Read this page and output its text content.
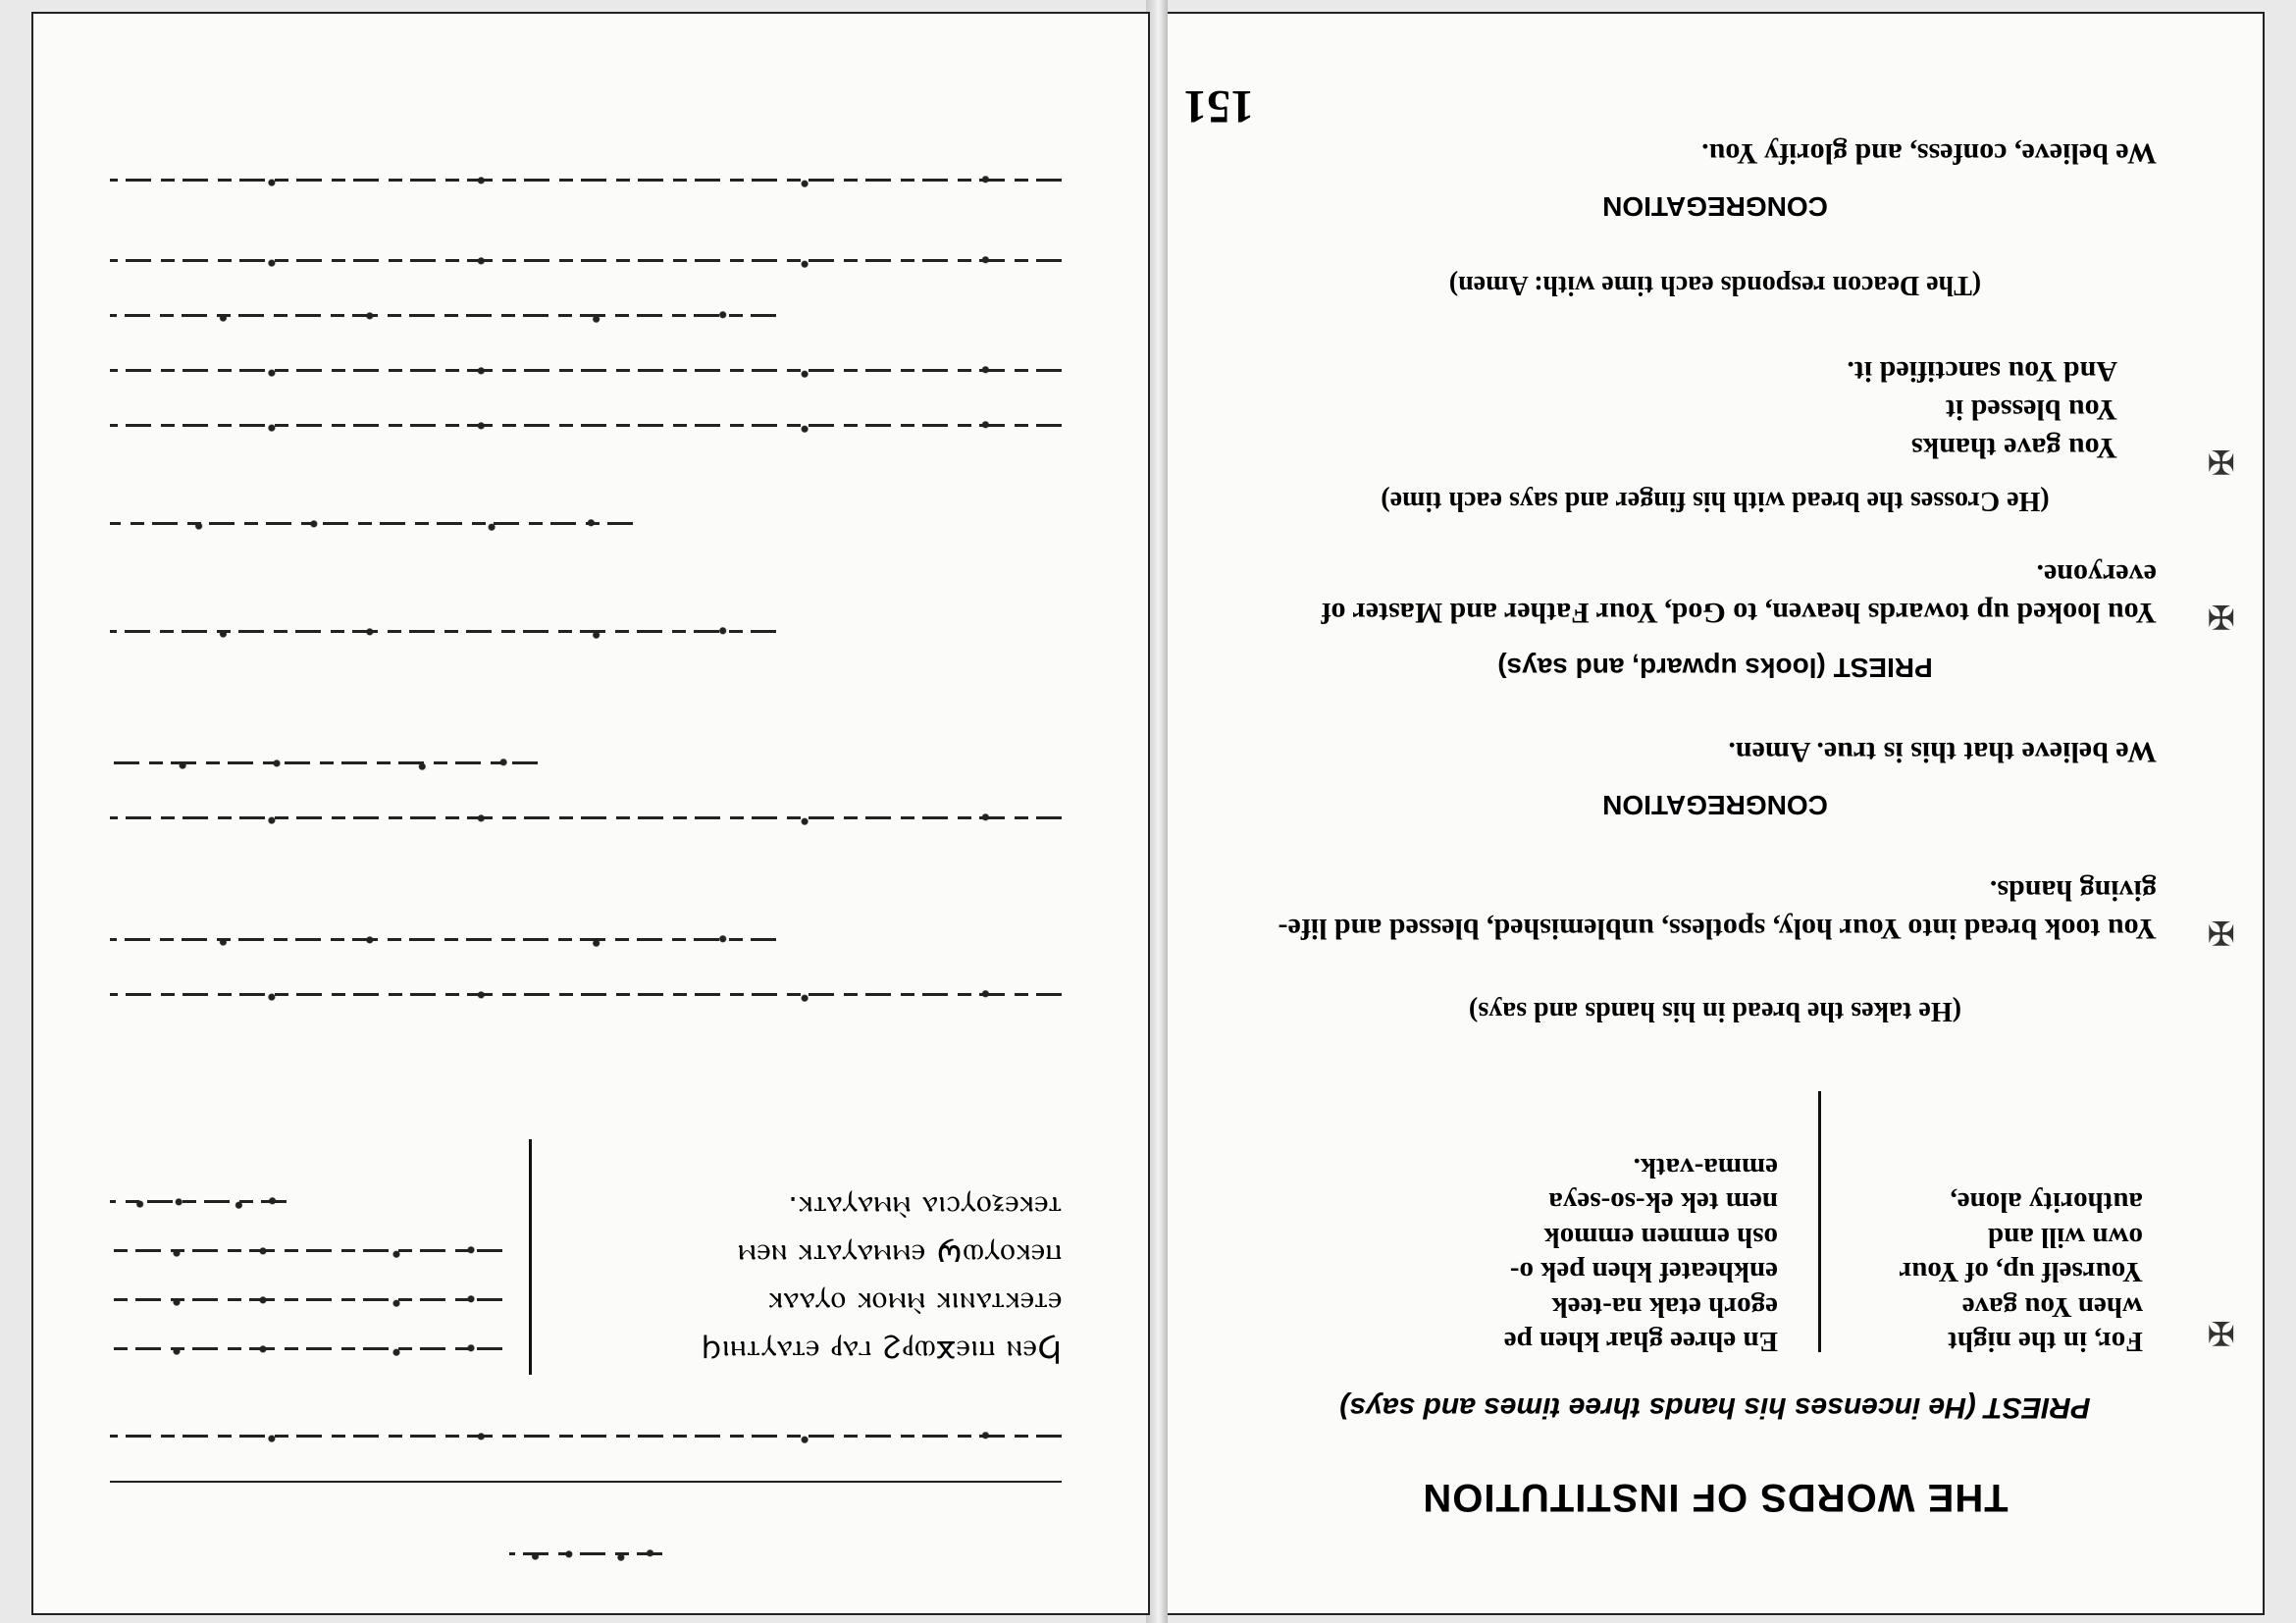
THE WORDS OF INSTITUTION
PRIEST (He incenses his hands three times and says)
For, in the night
when You gave
Yourself up, of Your
own will and
authority alone,
En ehree ghar khen pe
egorh etak na-teek
enkheatef khen pek o-
osh emmen emmok
nem tek ek-so-seya
emma-vatk.
(He takes the bread in his hands and says)
You took bread into Your holy, spotless, unblemished, blessed and life-giving hands.
CONGREGATION
We believe that this is true. Amen.
PRIEST (looks upward, and says)
You looked up towards heaven, to God, Your Father and Master of everyone.
(He Crosses the bread with his finger and says each time)
You gave thanks
You blessed it
And You sanctified it.
(The Deacon responds each time with: Amen)
CONGREGATION
We believe, confess, and glorify You.
151
✠
✠
✠
✠
Ϧⲉⲛ ⲡⲓⲉϫⲱⲣϩ ⲅⲁⲣ ⲉⲧⲁⲩⲧⲏⲓϥ
ⲉⲧⲉⲕⲧⲁⲛⲓⲕ ⲙ̀ⲙⲟⲕ ⲟⲩⲁⲁⲕ
ⲡⲉⲕⲟⲩⲱϣ ⲉⲙⲙⲁⲩⲁⲧⲕ ⲛⲉⲙ
ⲧⲉⲕⲉⲝⲟⲩⲥⲓⲁ ⲙ̀ⲙⲁⲩⲁⲧⲕ.
